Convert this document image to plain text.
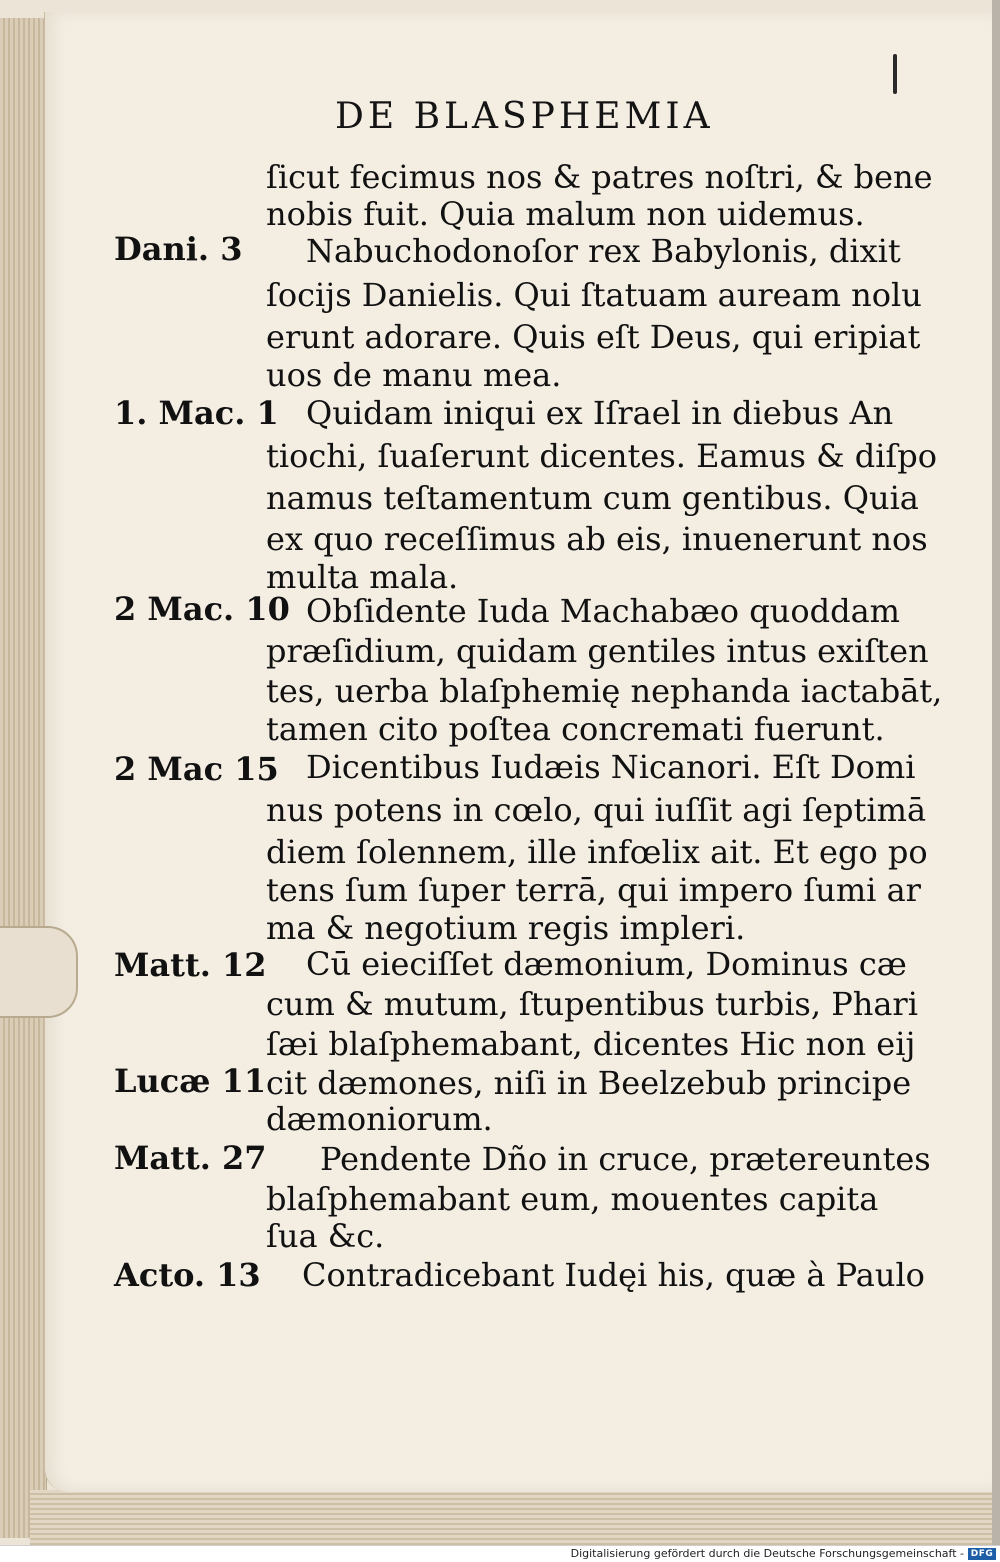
DE BLASPHEMIA
ſicut fecimus nos & patres noſtri, & bene
nobis fuit. Quia malum non uidemus.
Nabuchodonoſor rex Babylonis, dixit
ſocijs Danielis. Qui ſtatuam auream nolu
erunt adorare. Quis eſt Deus, qui eripiat
uos de manu mea.
Quidam iniqui ex Iſrael in diebus An
tiochi, ſuaſerunt dicentes. Eamus & diſpo
namus teſtamentum cum gentibus. Quia
ex quo receſſimus ab eis, inuenerunt nos
multa mala.
Obſidente Iuda Machabæo quoddam
præſidium, quidam gentiles intus exiſten
tes, uerba blaſphemię nephanda iactabāt,
tamen cito poſtea concremati fuerunt.
Dicentibus Iudæis Nicanori. Eſt Domi
nus potens in cœlo, qui iuſſit agi ſeptimā
diem ſolennem, ille infœlix ait. Et ego po
tens ſum ſuper terrā, qui impero ſumi ar
ma & negotium regis impleri.
Cū eieciſſet dæmonium, Dominus cæ
cum & mutum, ſtupentibus turbis, Phari
ſæi blaſphemabant, dicentes Hic non eij
cit dæmones, niſi in Beelzebub principe
dæmoniorum.
Pendente Dño in cruce, prætereuntes
blaſphemabant eum, mouentes capita
ſua &c.
Contradicebant Iudęi his, quæ à Paulo
Dani. 3
1. Mac. 1
2 Mac. 10
2 Mac 15
Matt. 12
Lucæ 11
Matt. 27
Acto. 13
Digitalisierung gefördert durch die Deutsche Forschungsgemeinschaft - DFG
